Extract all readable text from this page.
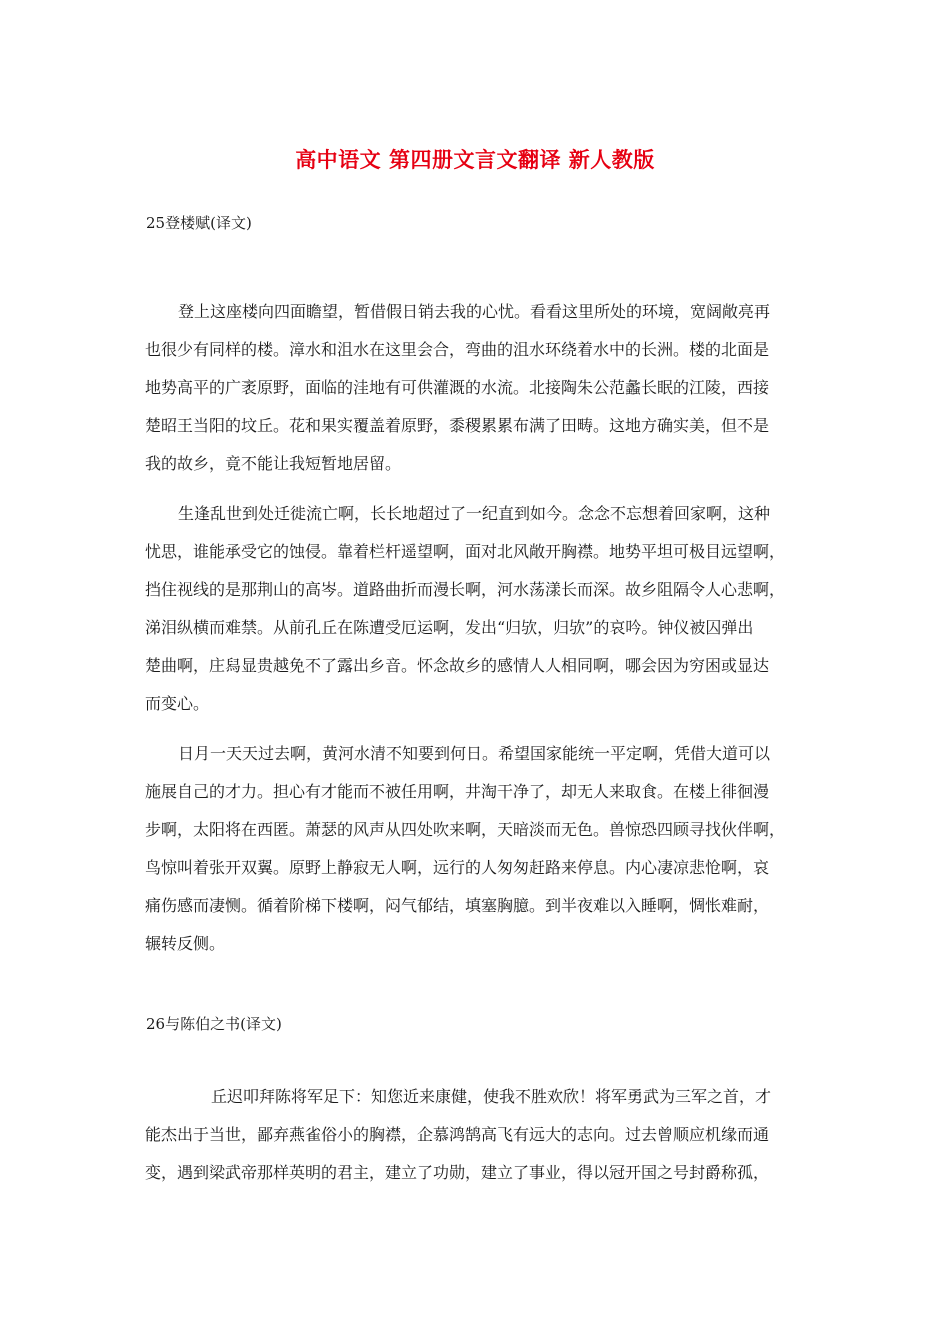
高中语文 第四册文言文翻译 新人教版
25登楼赋(译文)
登上这座楼向四面瞻望，暂借假日销去我的心忧。看看这里所处的环境，宽阔敞亮再
也很少有同样的楼。漳水和沮水在这里会合，弯曲的沮水环绕着水中的长洲。楼的北面是
地势高平的广袤原野，面临的洼地有可供灌溉的水流。北接陶朱公范蠡长眠的江陵，西接
楚昭王当阳的坟丘。花和果实覆盖着原野，黍稷累累布满了田畴。这地方确实美，但不是
我的故乡，竟不能让我短暂地居留。
生逢乱世到处迁徙流亡啊，长长地超过了一纪直到如今。念念不忘想着回家啊，这种
忧思，谁能承受它的蚀侵。靠着栏杆遥望啊，面对北风敞开胸襟。地势平坦可极目远望啊，
挡住视线的是那荆山的高岑。道路曲折而漫长啊，河水荡漾长而深。故乡阻隔令人心悲啊，
涕泪纵横而难禁。从前孔丘在陈遭受厄运啊，发出“归欤，归欤”的哀吟。钟仪被囚弹出
楚曲啊，庄舄显贵越免不了露出乡音。怀念故乡的感情人人相同啊，哪会因为穷困或显达
而变心。
日月一天天过去啊，黄河水清不知要到何日。希望国家能统一平定啊，凭借大道可以
施展自己的才力。担心有才能而不被任用啊，井淘干净了，却无人来取食。在楼上徘徊漫
步啊，太阳将在西匿。萧瑟的风声从四处吹来啊，天暗淡而无色。兽惊恐四顾寻找伙伴啊，
鸟惊叫着张开双翼。原野上静寂无人啊，远行的人匆匆赶路来停息。内心凄凉悲怆啊，哀
痛伤感而凄恻。循着阶梯下楼啊，闷气郁结，填塞胸臆。到半夜难以入睡啊，惆怅难耐，
辗转反侧。
26与陈伯之书(译文)
丘迟叩拜陈将军足下：知您近来康健，使我不胜欢欣！将军勇武为三军之首，才
能杰出于当世，鄙弃燕雀俗小的胸襟，企慕鸿鹄高飞有远大的志向。过去曾顺应机缘而通
变，遇到梁武帝那样英明的君主，建立了功勋，建立了事业，得以冠开国之号封爵称孤，
